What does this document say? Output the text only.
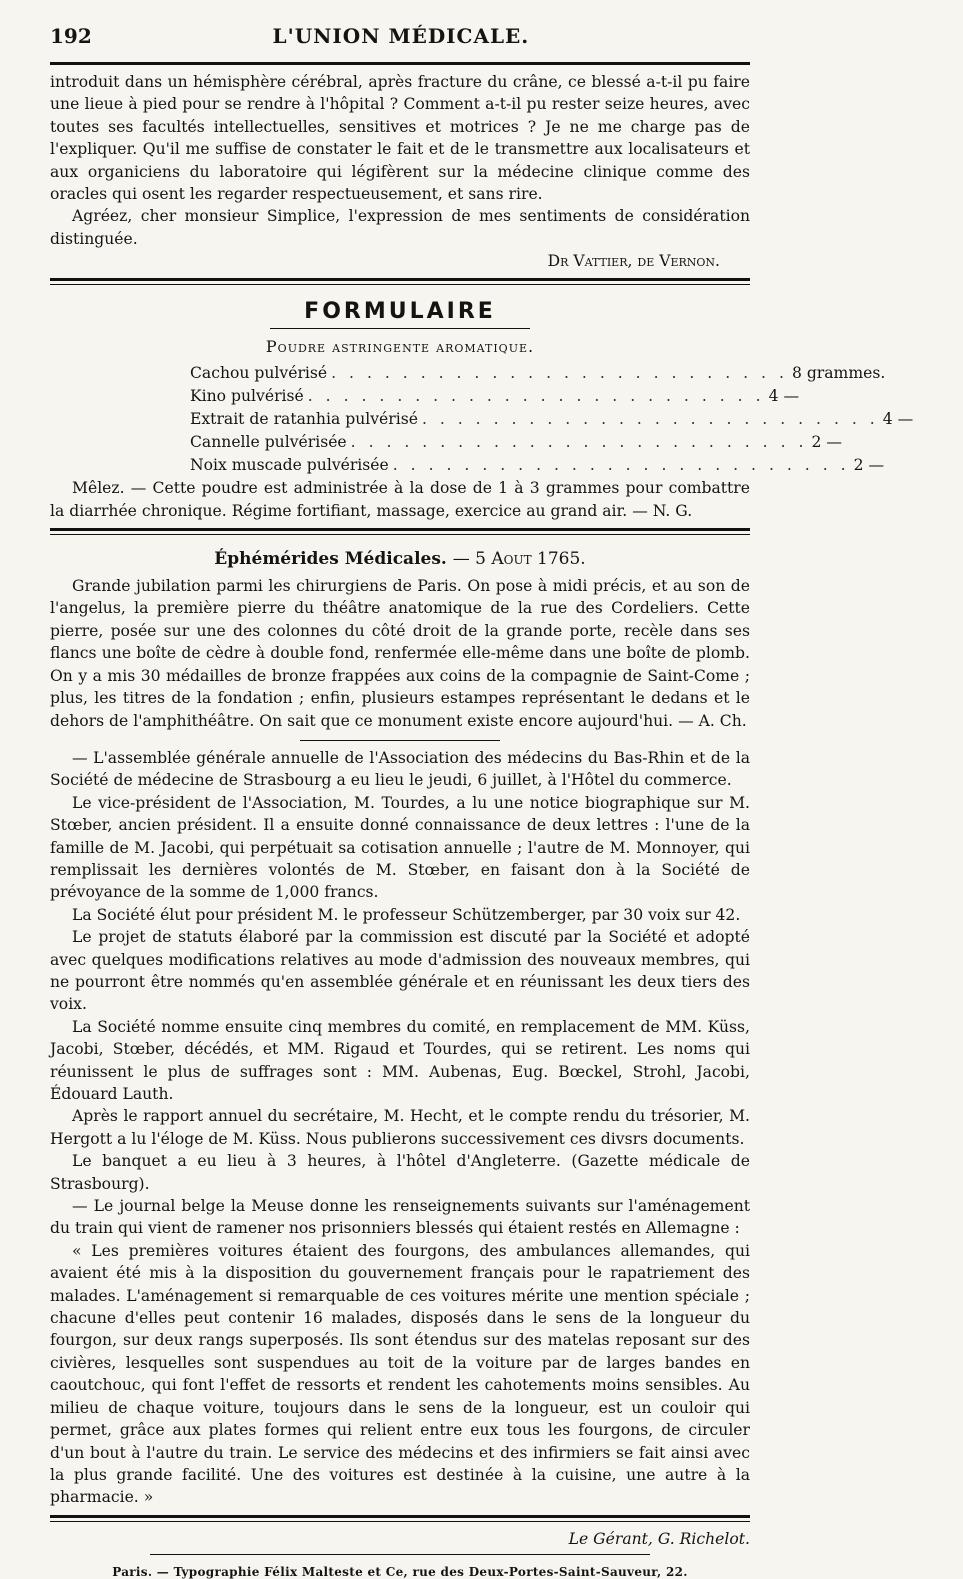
192	L'UNION MÉDICALE.

introduit dans un hémisphère cérébral, après fracture du crâne, ce blessé a-t-il pu faire une lieue à pied pour se rendre à l'hôpital ? Comment a-t-il pu rester seize heures, avec toutes ses facultés intellectuelles, sensitives et motrices ? Je ne me charge pas de l'expliquer. Qu'il me suffise de constater le fait et de le transmettre aux localisateurs et aux organiciens du laboratoire qui légifèrent sur la médecine clinique comme des oracles qui osent les regarder respectueusement, et sans rire.

Agréez, cher monsieur Simplice, l'expression de mes sentiments de considération distinguée.

Dr Vattier, de Vernon.
FORMULAIRE
Poudre astringente aromatique.
Cachou pulvérisé . . . . . . . . . . . . . . . . . . . . . . . . . . 8 grammes.
Kino pulvérisé . . . . . . . . . . . . . . . . . . . . . . . . . . 4 —
Extrait de ratanhia pulvérisé . . . . . . . . . . . . . . . . . . . . . . . . . . 4 —
Cannelle pulvérisée . . . . . . . . . . . . . . . . . . . . . . . . . . 2 —
Noix muscade pulvérisée . . . . . . . . . . . . . . . . . . . . . . . . . . 2 —

Mêlez. — Cette poudre est administrée à la dose de 1 à 3 grammes pour combattre la diarrhée chronique. Régime fortifiant, massage, exercice au grand air. — N. G.

Éphémérides Médicales. — 5 Aout 1765.

Grande jubilation parmi les chirurgiens de Paris. On pose à midi précis, et au son de l'angelus, la première pierre du théâtre anatomique de la rue des Cordeliers. Cette pierre, posée sur une des colonnes du côté droit de la grande porte, recèle dans ses flancs une boîte de cèdre à double fond, renfermée elle-même dans une boîte de plomb. On y a mis 30 médailles de bronze frappées aux coins de la compagnie de Saint-Come ; plus, les titres de la fondation ; enfin, plusieurs estampes représentant le dedans et le dehors de l'amphithéâtre. On sait que ce monument existe encore aujourd'hui. — A. Ch.

— L'assemblée générale annuelle de l'Association des médecins du Bas-Rhin et de la Société de médecine de Strasbourg a eu lieu le jeudi, 6 juillet, à l'Hôtel du commerce.

Le vice-président de l'Association, M. Tourdes, a lu une notice biographique sur M. Stœber, ancien président. Il a ensuite donné connaissance de deux lettres : l'une de la famille de M. Jacobi, qui perpétuait sa cotisation annuelle ; l'autre de M. Monnoyer, qui remplissait les dernières volontés de M. Stœber, en faisant don à la Société de prévoyance de la somme de 1,000 francs.

La Société élut pour président M. le professeur Schützemberger, par 30 voix sur 42.

Le projet de statuts élaboré par la commission est discuté par la Société et adopté avec quelques modifications relatives au mode d'admission des nouveaux membres, qui ne pourront être nommés qu'en assemblée générale et en réunissant les deux tiers des voix.

La Société nomme ensuite cinq membres du comité, en remplacement de MM. Küss, Jacobi, Stœber, décédés, et MM. Rigaud et Tourdes, qui se retirent. Les noms qui réunissent le plus de suffrages sont : MM. Aubenas, Eug. Bœckel, Strohl, Jacobi, Édouard Lauth.

Après le rapport annuel du secrétaire, M. Hecht, et le compte rendu du trésorier, M. Hergott a lu l'éloge de M. Küss. Nous publierons successivement ces divsrs documents.

Le banquet a eu lieu à 3 heures, à l'hôtel d'Angleterre. (Gazette médicale de Strasbourg).

— Le journal belge la Meuse donne les renseignements suivants sur l'aménagement du train qui vient de ramener nos prisonniers blessés qui étaient restés en Allemagne :

« Les premières voitures étaient des fourgons, des ambulances allemandes, qui avaient été mis à la disposition du gouvernement français pour le rapatriement des malades. L'aménagement si remarquable de ces voitures mérite une mention spéciale ; chacune d'elles peut contenir 16 malades, disposés dans le sens de la longueur du fourgon, sur deux rangs superposés. Ils sont étendus sur des matelas reposant sur des civières, lesquelles sont suspendues au toit de la voiture par de larges bandes en caoutchouc, qui font l'effet de ressorts et rendent les cahotements moins sensibles. Au milieu de chaque voiture, toujours dans le sens de la longueur, est un couloir qui permet, grâce aux plates formes qui relient entre eux tous les fourgons, de circuler d'un bout à l'autre du train. Le service des médecins et des infirmiers se fait ainsi avec la plus grande facilité. Une des voitures est destinée à la cuisine, une autre à la pharmacie. »

Le Gérant, G. Richelot.
Paris. — Typographie Félix Malteste et Ce, rue des Deux-Portes-Saint-Sauveur, 22.
